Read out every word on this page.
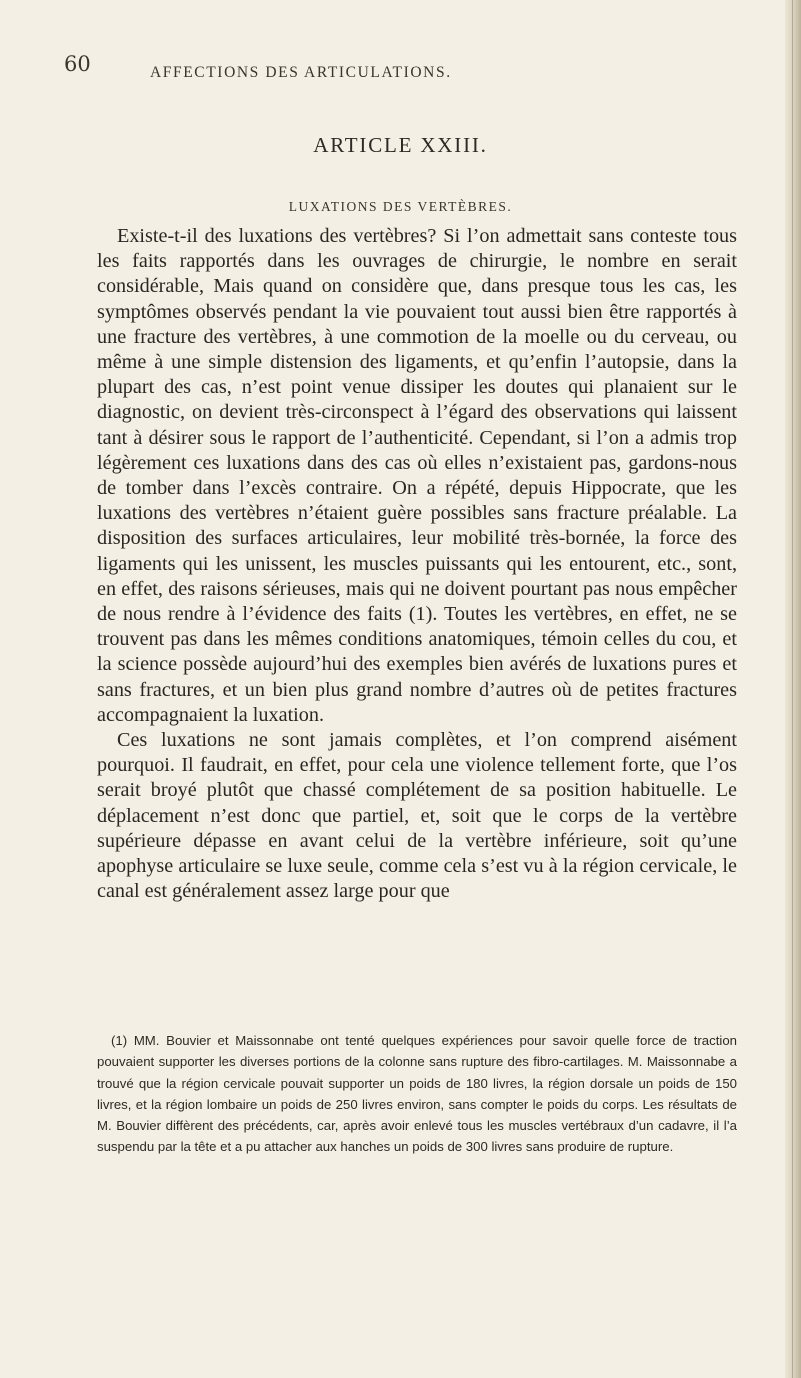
60	AFFECTIONS DES ARTICULATIONS.
ARTICLE XXIII.
LUXATIONS DES VERTÈBRES.

Existe-t-il des luxations des vertèbres? Si l’on admettait sans conteste tous les faits rapportés dans les ouvrages de chirurgie, le nombre en serait considérable, Mais quand on considère que, dans presque tous les cas, les symptômes observés pendant la vie pouvaient tout aussi bien être rapportés à une fracture des vertèbres, à une commotion de la moelle ou du cerveau, ou même à une simple distension des ligaments, et qu’enfin l’autopsie, dans la plupart des cas, n’est point venue dissiper les doutes qui planaient sur le diagnostic, on devient très-circonspect à l’égard des observations qui laissent tant à désirer sous le rapport de l’authenticité. Cependant, si l’on a admis trop légèrement ces luxations dans des cas où elles n’existaient pas, gardons-nous de tomber dans l’excès contraire. On a répété, depuis Hippocrate, que les luxations des vertèbres n’étaient guère possibles sans fracture préalable. La disposition des surfaces articulaires, leur mobilité très-bornée, la force des ligaments qui les unissent, les muscles puissants qui les entourent, etc., sont, en effet, des raisons sérieuses, mais qui ne doivent pourtant pas nous empêcher de nous rendre à l’évidence des faits (1). Toutes les vertèbres, en effet, ne se trouvent pas dans les mêmes conditions anatomiques, témoin celles du cou, et la science possède aujourd’hui des exemples bien avérés de luxations pures et sans fractures, et un bien plus grand nombre d’autres où de petites fractures accompagnaient la luxation.

Ces luxations ne sont jamais complètes, et l’on comprend aisément pourquoi. Il faudrait, en effet, pour cela une violence tellement forte, que l’os serait broyé plutôt que chassé complétement de sa position habituelle. Le déplacement n’est donc que partiel, et, soit que le corps de la vertèbre supérieure dépasse en avant celui de la vertèbre inférieure, soit qu’une apophyse articulaire se luxe seule, comme cela s’est vu à la région cervicale, le canal est généralement assez large pour que

(1) MM. Bouvier et Maissonnabe ont tenté quelques expériences pour savoir quelle force de traction pouvaient supporter les diverses portions de la colonne sans rupture des fibro-cartilages. M. Maissonnabe a trouvé que la région cervicale pouvait supporter un poids de 180 livres, la région dorsale un poids de 150 livres, et la région lombaire un poids de 250 livres environ, sans compter le poids du corps. Les résultats de M. Bouvier diffèrent des précédents, car, après avoir enlevé tous les muscles vertébraux d’un cadavre, il l’a suspendu par la tête et a pu attacher aux hanches un poids de 300 livres sans produire de rupture.
